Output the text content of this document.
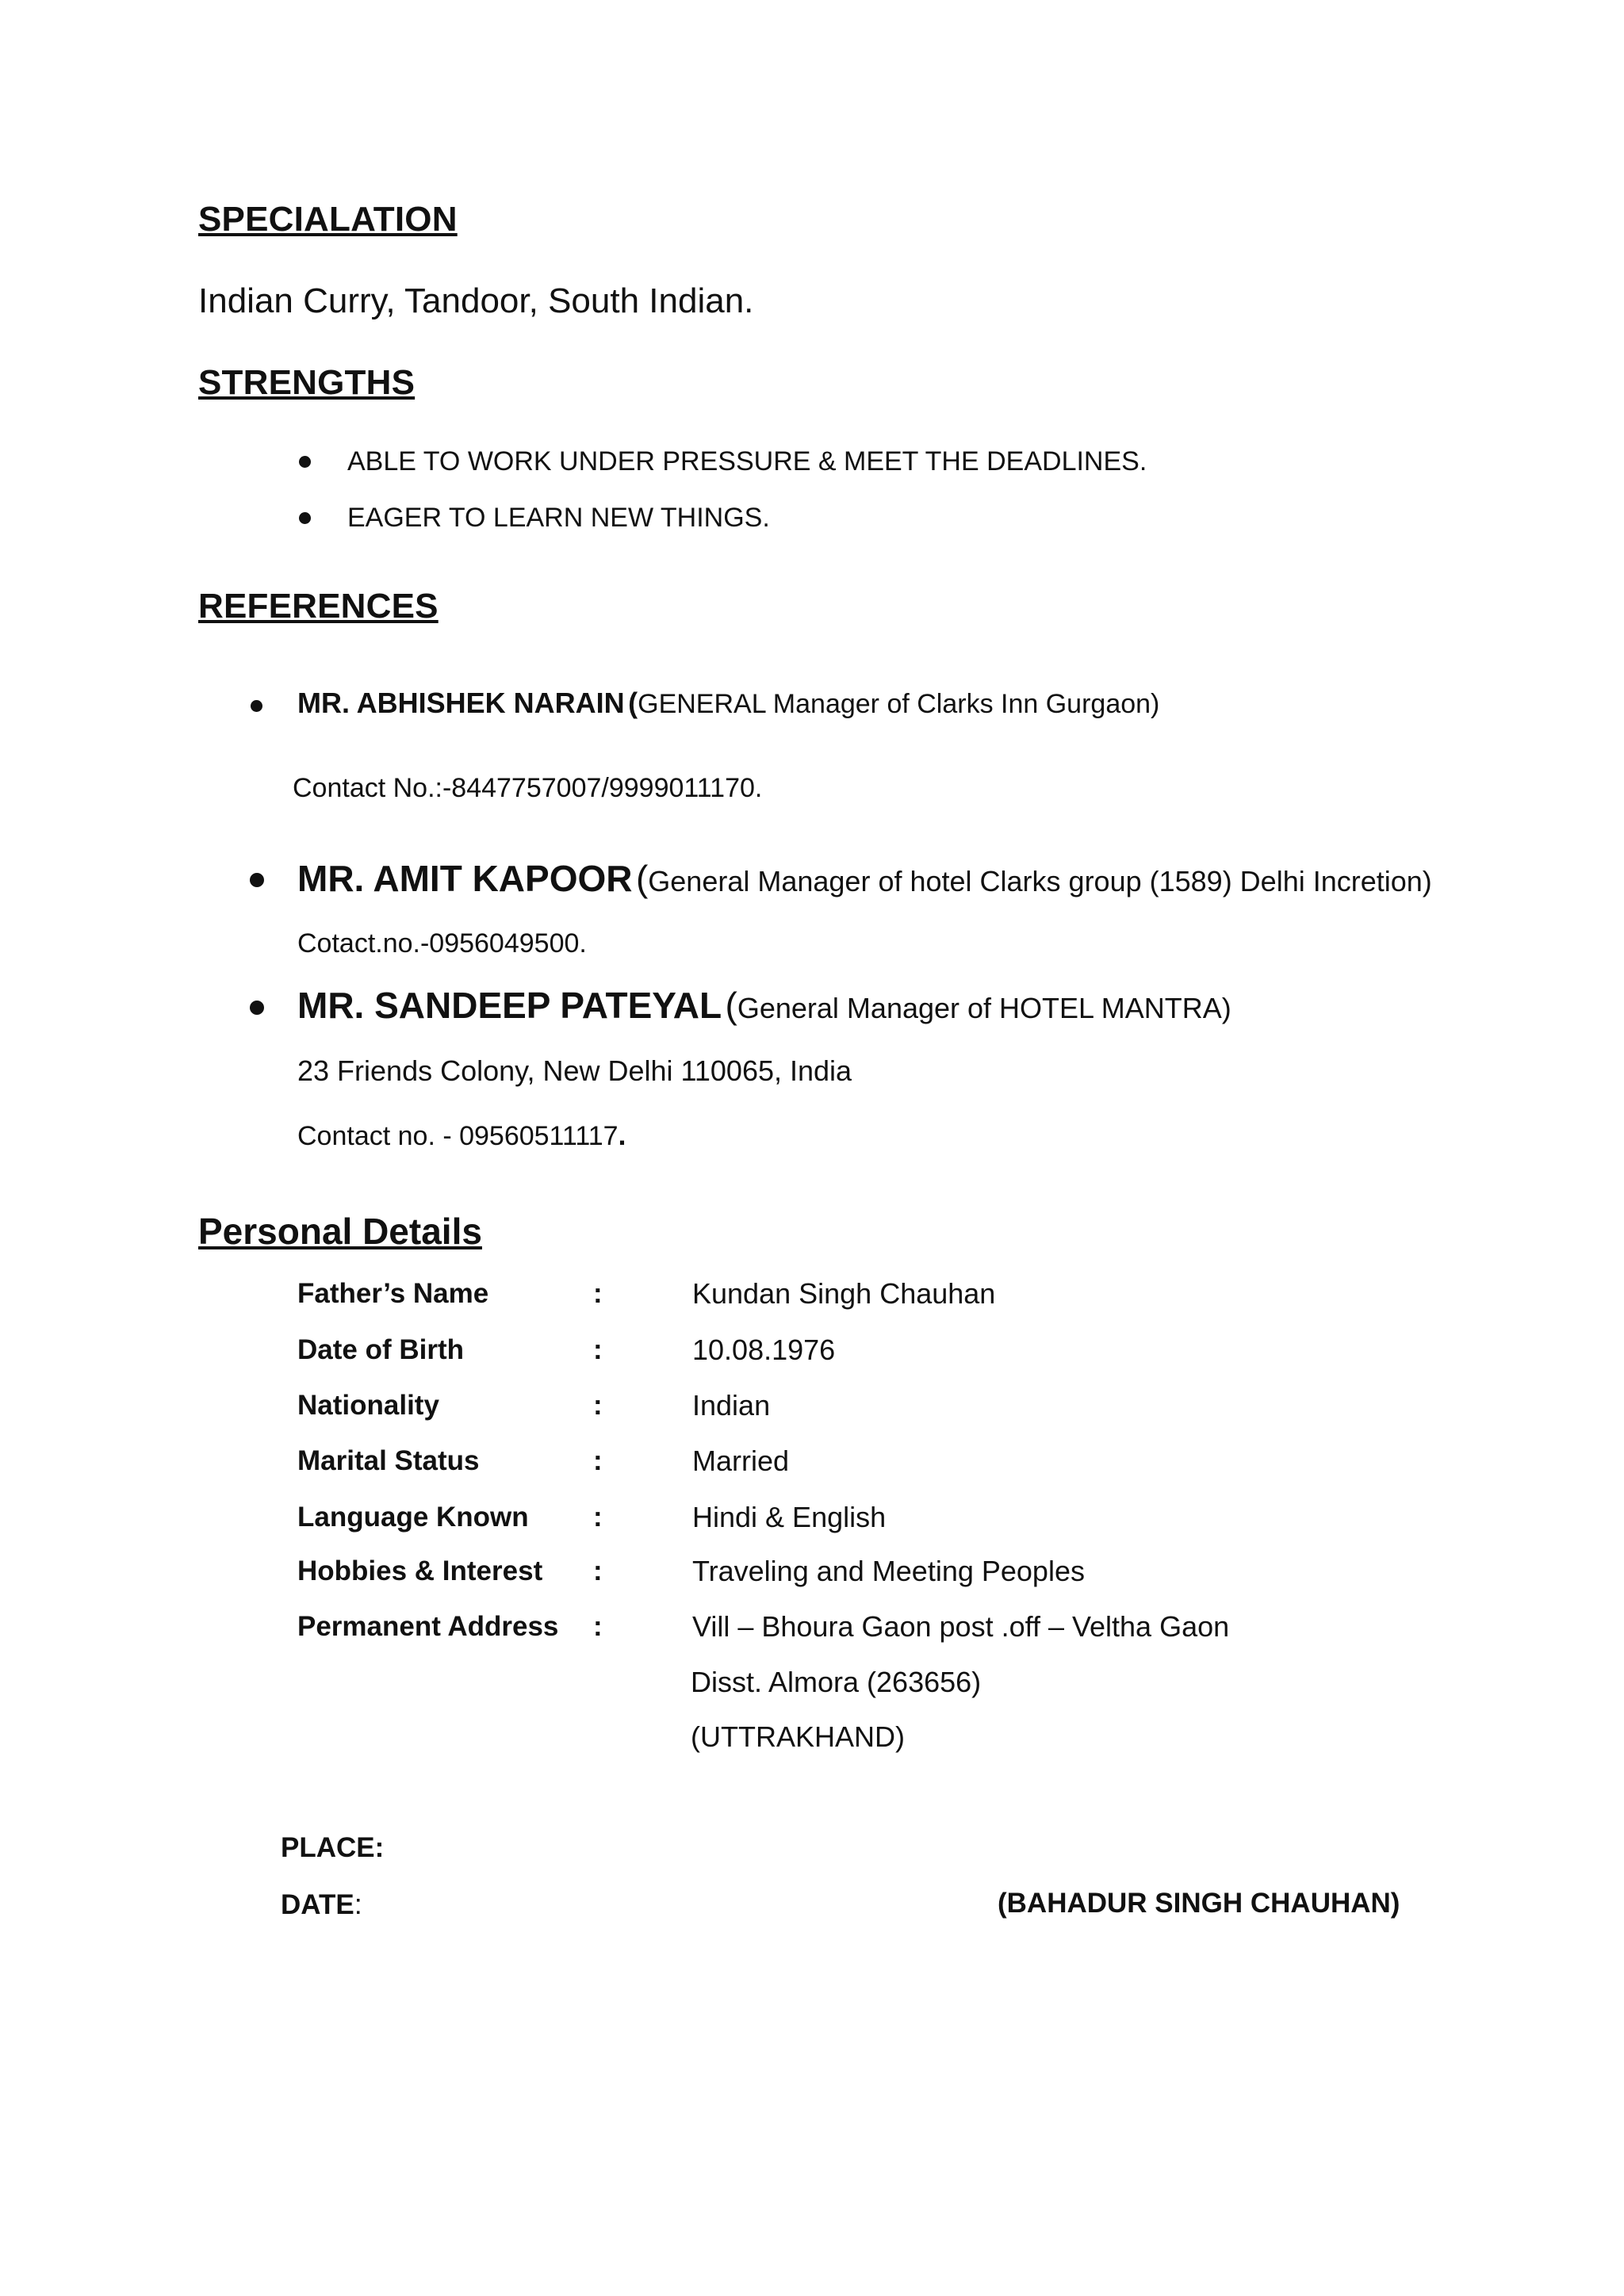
SPECIALATION
Indian Curry, Tandoor, South Indian.
STRENGTHS
ABLE TO WORK UNDER PRESSURE & MEET THE DEADLINES.
EAGER TO LEARN NEW THINGS.
REFERENCES
MR. ABHISHEK NARAIN (GENERAL Manager of Clarks Inn Gurgaon)
Contact No.:-8447757007/9999011170.
MR. AMIT KAPOOR (General Manager of hotel Clarks group (1589) Delhi Incretion)
Cotact.no.-0956049500.
MR. SANDEEP PATEYAL (General Manager of HOTEL MANTRA)
23 Friends Colony, New Delhi 110065, India
Contact no. - 09560511117.
Personal Details
Father’s Name	:	Kundan Singh Chauhan
Date of Birth	:	10.08.1976
Nationality	:	Indian
Marital Status	:	Married
Language Known :	Hindi & English
Hobbies & Interest :	Traveling and Meeting Peoples
Permanent Address :	Vill – Bhoura Gaon post .off – Veltha Gaon
Disst. Almora (263656)
(UTTRAKHAND)
PLACE:
DATE:	(BAHADUR SINGH CHAUHAN)
